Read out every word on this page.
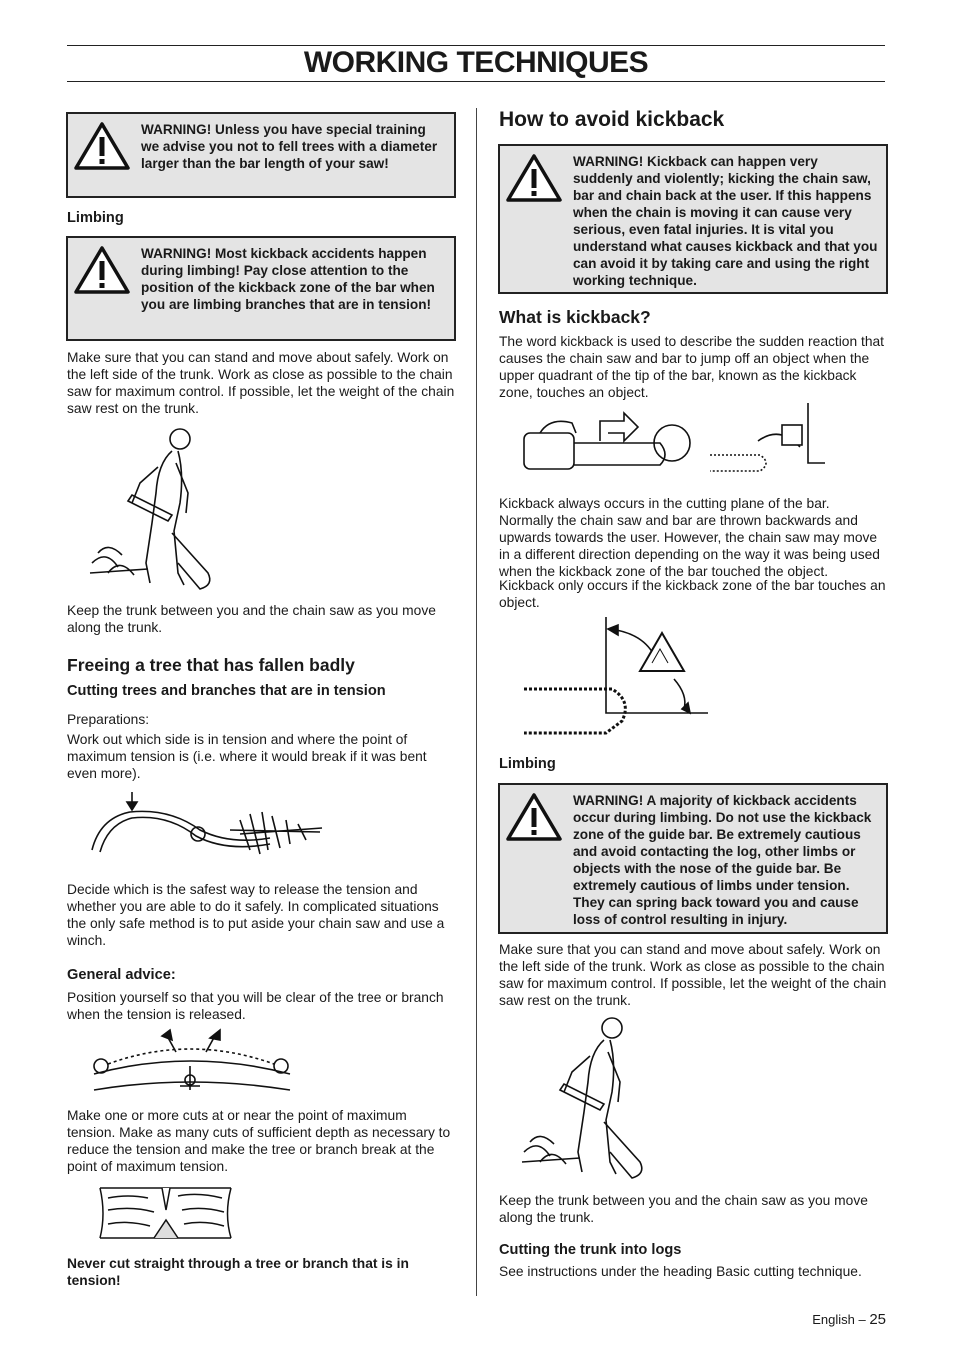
WORKING TECHNIQUES
WARNING! Unless you have special training we advise you not to fell trees with a diameter larger than the bar length of your saw!
Limbing
WARNING! Most kickback accidents happen during limbing! Pay close attention to the position of the kickback zone of the bar when you are limbing branches that are in tension!
Make sure that you can stand and move about safely. Work on the left side of the trunk. Work as close as possible to the chain saw for maximum control. If possible, let the weight of the chain saw rest on the trunk.
Keep the trunk between you and the chain saw as you move along the trunk.
Freeing a tree that has fallen badly
Cutting trees and branches that are in tension
Preparations:
Work out which side is in tension and where the point of maximum tension is (i.e. where it would break if it was bent even more).
Decide which is the safest way to release the tension and whether you are able to do it safely. In complicated situations the only safe method is to put aside your chain saw and use a winch.
General advice:
Position yourself so that you will be clear of the tree or branch when the tension is released.
Make one or more cuts at or near the point of maximum tension. Make as many cuts of sufficient depth as necessary to reduce the tension and make the tree or branch break at the point of maximum tension.
Never cut straight through a tree or branch that is in tension!
How to avoid kickback
WARNING! Kickback can happen very suddenly and violently; kicking the chain saw, bar and chain back at the user. If this happens when the chain is moving it can cause very serious, even fatal injuries. It is vital you understand what causes kickback and that you can avoid it by taking care and using the right working technique.
What is kickback?
The word kickback is used to describe the sudden reaction that causes the chain saw and bar to jump off an object when the upper quadrant of the tip of the bar, known as the kickback zone, touches an object.
Kickback always occurs in the cutting plane of the bar. Normally the chain saw and bar are thrown backwards and upwards towards the user. However, the chain saw may move in a different direction depending on the way it was being used when the kickback zone of the bar touched the object.
Kickback only occurs if the kickback zone of the bar touches an object.
Limbing
WARNING! A majority of kickback accidents occur during limbing. Do not use the kickback zone of the guide bar. Be extremely cautious and avoid contacting the log, other limbs or objects with the nose of the guide bar. Be extremely cautious of limbs under tension. They can spring back toward you and cause loss of control resulting in injury.
Make sure that you can stand and move about safely. Work on the left side of the trunk. Work as close as possible to the chain saw for maximum control. If possible, let the weight of the chain saw rest on the trunk.
Keep the trunk between you and the chain saw as you move along the trunk.
Cutting the trunk into logs
See instructions under the heading Basic cutting technique.
English – 25
